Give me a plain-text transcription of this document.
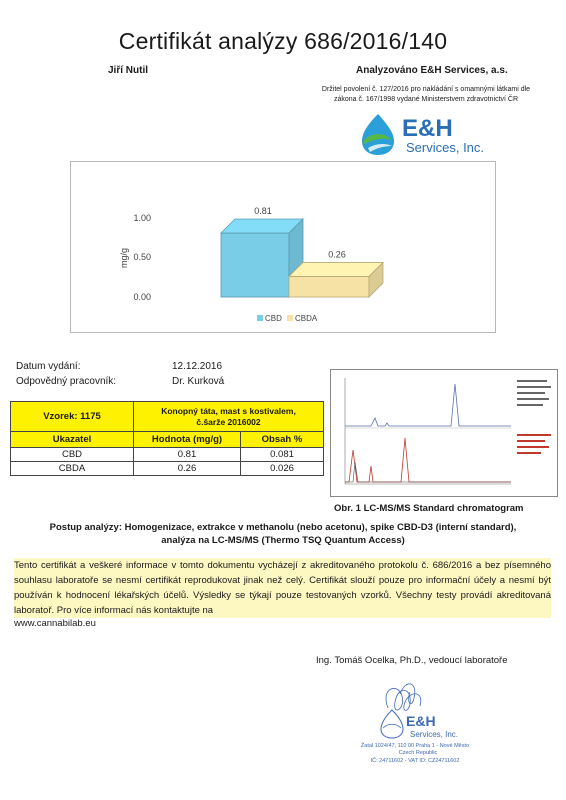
Certifikát analýzy 686/2016/140
Jiří Nutil	Analyzováno E&H Services, a.s.
Držitel povolení č. 127/2016 pro nakládání s omamnými látkami dle
zákona č. 167/1998 vydané Ministerstvem zdravotnictví ČR
E&H
Services, Inc.
1.00
0.50
0.00
mg/g
0.81
0.26
CBD CBDA
Datum vydání:	12.12.2016
Odpovědný pracovník:	Dr. Kurková
Vzorek: 1175	Konopný táta, mast s kostivalem,
č.šarže 2016002	

Ukazatel	Hodnota (mg/g)	Obsah %
CBD	0.81	0.081
CBDA	0.26	0.026
Obr. 1 LC-MS/MS Standard chromatogram
Postup analýzy: Homogenizace, extrakce v methanolu (nebo acetonu), spike CBD-D3 (interní standard),
analýza na LC-MS/MS (Thermo TSQ Quantum Access)

Tento certifikát a veškeré informace v tomto dokumentu vycházejí z akreditovaného protokolu č. 686/2016 a bez písemného souhlasu laboratoře se nesmí certifikát reprodukovat jinak než celý. Certifikát slouží pouze pro informační účely a nesmí být používán k hodnocení lékařských účelů. Výsledky se týkají pouze testovaných vzorků. Všechny testy provádí akreditovaná laboratoř. Pro více informací nás kontaktujte na

www.cannabilab.eu
Ing. Tomáš Ocelka, Ph.D., vedoucí laboratoře
E&H
Services, Inc.
Žatal 1024/47, 110 00 Praha 1 - Nové Město
Czech Republic
IČ: 24711602 - VAT ID: CZ24711602
